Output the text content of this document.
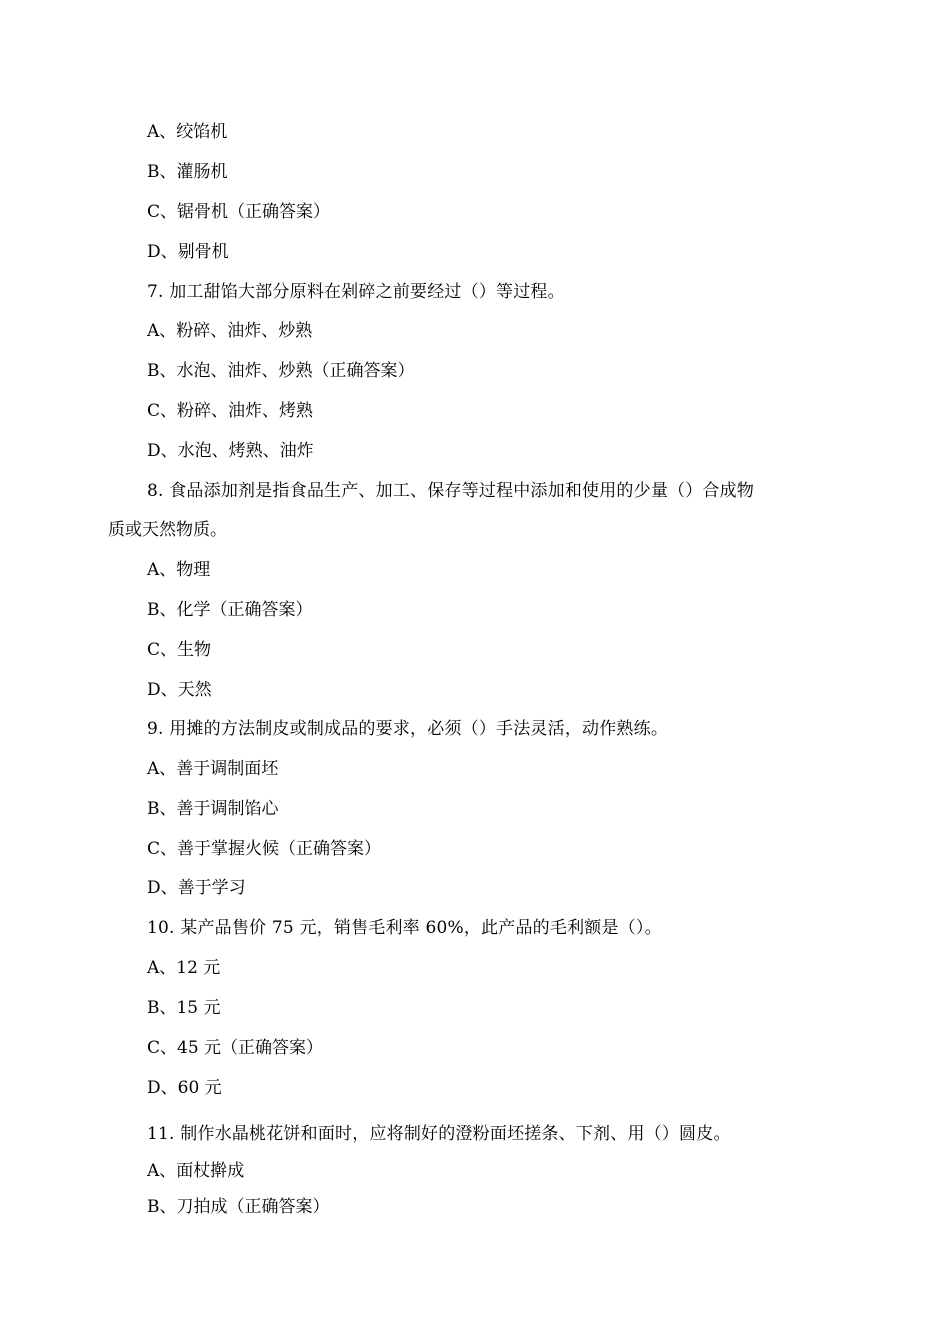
A、绞馅机
B、灌肠机
C、锯骨机（正确答案）
D、剔骨机
7. 加工甜馅大部分原料在剁碎之前要经过（）等过程。
A、粉碎、油炸、炒熟
B、水泡、油炸、炒熟（正确答案）
C、粉碎、油炸、烤熟
D、水泡、烤熟、油炸
8. 食品添加剂是指食品生产、加工、保存等过程中添加和使用的少量（）合成物
质或天然物质。
A、物理
B、化学（正确答案）
C、生物
D、天然
9. 用摊的方法制皮或制成品的要求，必须（）手法灵活，动作熟练。
A、善于调制面坯
B、善于调制馅心
C、善于掌握火候（正确答案）
D、善于学习
10. 某产品售价 75 元，销售毛利率 60%，此产品的毛利额是（）。
A、12 元
B、15 元
C、45 元（正确答案）
D、60 元
11. 制作水晶桃花饼和面时，应将制好的澄粉面坯搓条、下剂、用（）圆皮。
A、面杖擀成
B、刀拍成（正确答案）
